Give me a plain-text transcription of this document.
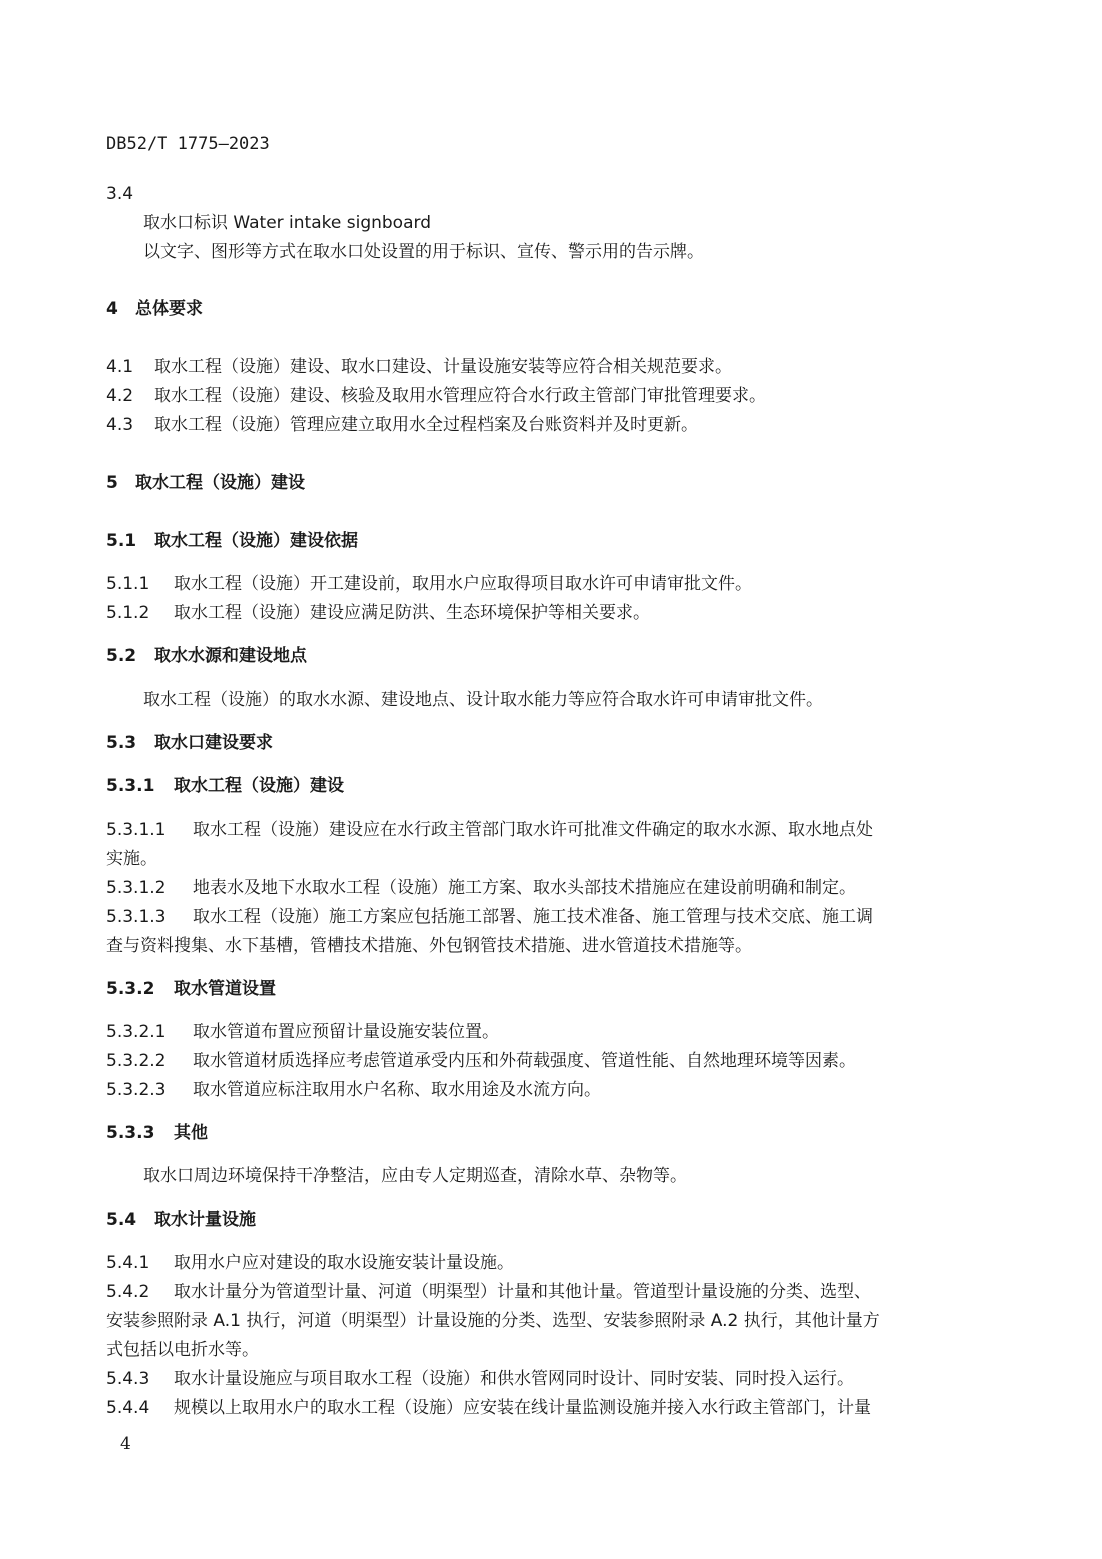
DB52/T 1775—2023
3.4
取水口标识 Water intake signboard
以文字、图形等方式在取水口处设置的用于标识、宣传、警示用的告示牌。
4 总体要求
4.1 取水工程（设施）建设、取水口建设、计量设施安装等应符合相关规范要求。
4.2 取水工程（设施）建设、核验及取用水管理应符合水行政主管部门审批管理要求。
4.3 取水工程（设施）管理应建立取用水全过程档案及台账资料并及时更新。
5 取水工程（设施）建设
5.1 取水工程（设施）建设依据
5.1.1 取水工程（设施）开工建设前，取用水户应取得项目取水许可申请审批文件。
5.1.2 取水工程（设施）建设应满足防洪、生态环境保护等相关要求。
5.2 取水水源和建设地点
取水工程（设施）的取水水源、建设地点、设计取水能力等应符合取水许可申请审批文件。
5.3 取水口建设要求
5.3.1 取水工程（设施）建设
5.3.1.1 取水工程（设施）建设应在水行政主管部门取水许可批准文件确定的取水水源、取水地点处
实施。
5.3.1.2 地表水及地下水取水工程（设施）施工方案、取水头部技术措施应在建设前明确和制定。
5.3.1.3 取水工程（设施）施工方案应包括施工部署、施工技术准备、施工管理与技术交底、施工调
查与资料搜集、水下基槽，管槽技术措施、外包钢管技术措施、进水管道技术措施等。
5.3.2 取水管道设置
5.3.2.1 取水管道布置应预留计量设施安装位置。
5.3.2.2 取水管道材质选择应考虑管道承受内压和外荷载强度、管道性能、自然地理环境等因素。
5.3.2.3 取水管道应标注取用水户名称、取水用途及水流方向。
5.3.3 其他
取水口周边环境保持干净整洁，应由专人定期巡查，清除水草、杂物等。
5.4 取水计量设施
5.4.1 取用水户应对建设的取水设施安装计量设施。
5.4.2 取水计量分为管道型计量、河道（明渠型）计量和其他计量。管道型计量设施的分类、选型、
安装参照附录 A.1 执行，河道（明渠型）计量设施的分类、选型、安装参照附录 A.2 执行，其他计量方
式包括以电折水等。
5.4.3 取水计量设施应与项目取水工程（设施）和供水管网同时设计、同时安装、同时投入运行。
5.4.4 规模以上取用水户的取水工程（设施）应安装在线计量监测设施并接入水行政主管部门，计量
4
